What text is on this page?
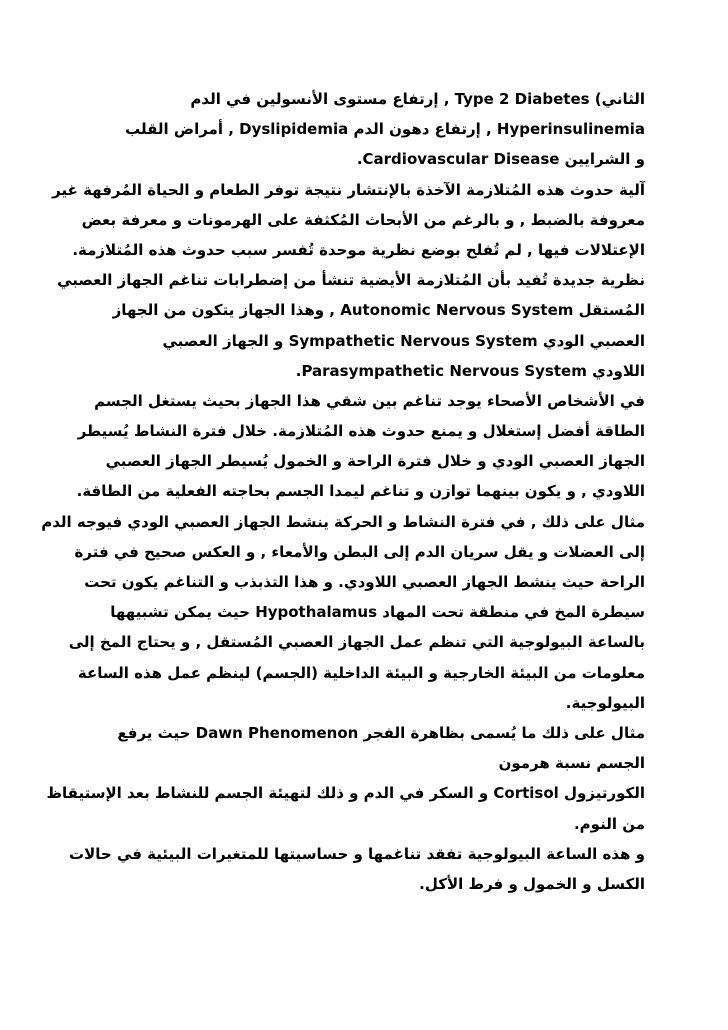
الثاني) Type 2 Diabetes , إرتفاع مستوى الأنسولين في الدم
Hyperinsulinemia , إرتفاع دهون الدم Dyslipidemia , أمراض القلب
و الشرايين Cardiovascular Disease.
آلية حدوث هذه المُتلازمة الآخذة بالإنتشار نتيجة توفر الطعام و الحياة المُرفهة غير
معروفة بالضبط , و بالرغم من الأبحاث المُكثفة على الهرمونات و معرفة بعض
الإعتلالات فيها , لم تُفلح بوضع نظرية موحدة تُفسر سبب حدوث هذه المُتلازمة.
نظرية جديدة تُفيد بأن المُتلازمة الأيضية تنشأ من إضطرابات تناغم الجهاز العصبي
المُستقل Autonomic Nervous System , وهذا الجهاز يتكون من الجهاز
العصبي الودي Sympathetic Nervous System و الجهاز العصبي
اللاودي Parasympathetic Nervous System.
في الأشخاص الأصحاء يوجد تناغم بين شقي هذا الجهاز بحيث يستغل الجسم
الطاقة أفضل إستغلال و يمنع حدوث هذه المُتلازمة. خلال فترة النشاط يُسيطر
الجهاز العصبي الودي و خلال فترة الراحة و الخمول يُسيطر الجهاز العصبي
اللاودي , و يكون بينهما توازن و تناغم ليمدا الجسم بحاجته الفعلية من الطاقة.
مثال على ذلك , في فترة النشاط و الحركة ينشط الجهاز العصبي الودي فيوجه الدم
إلى العضلات و يقل سريان الدم إلى البطن والأمعاء , و العكس صحيح في فترة
الراحة حيث ينشط الجهاز العصبي اللاودي. و هذا التذبذب و التناغم يكون تحت
سيطرة المخ في منطقة تحت المهاد Hypothalamus حيث يمكن تشبيهها
بالساعة البيولوجية التي تنظم عمل الجهاز العصبي المُستقل , و يحتاج المخ إلى
معلومات من البيئة الخارجية و البيئة الداخلية (الجسم) لينظم عمل هذه الساعة
البيولوجية.
مثال على ذلك ما يُسمى بظاهرة الفجر Dawn Phenomenon حيث يرفع
الجسم نسبة هرمون
الكورتيزول Cortisol و السكر في الدم و ذلك لتهيئة الجسم للنشاط بعد الإستيقاظ
من النوم.
و هذه الساعة البيولوجية تفقد تناغمها و حساسيتها للمتغيرات البيئية في حالات
الكسل و الخمول و فرط الأكل.
